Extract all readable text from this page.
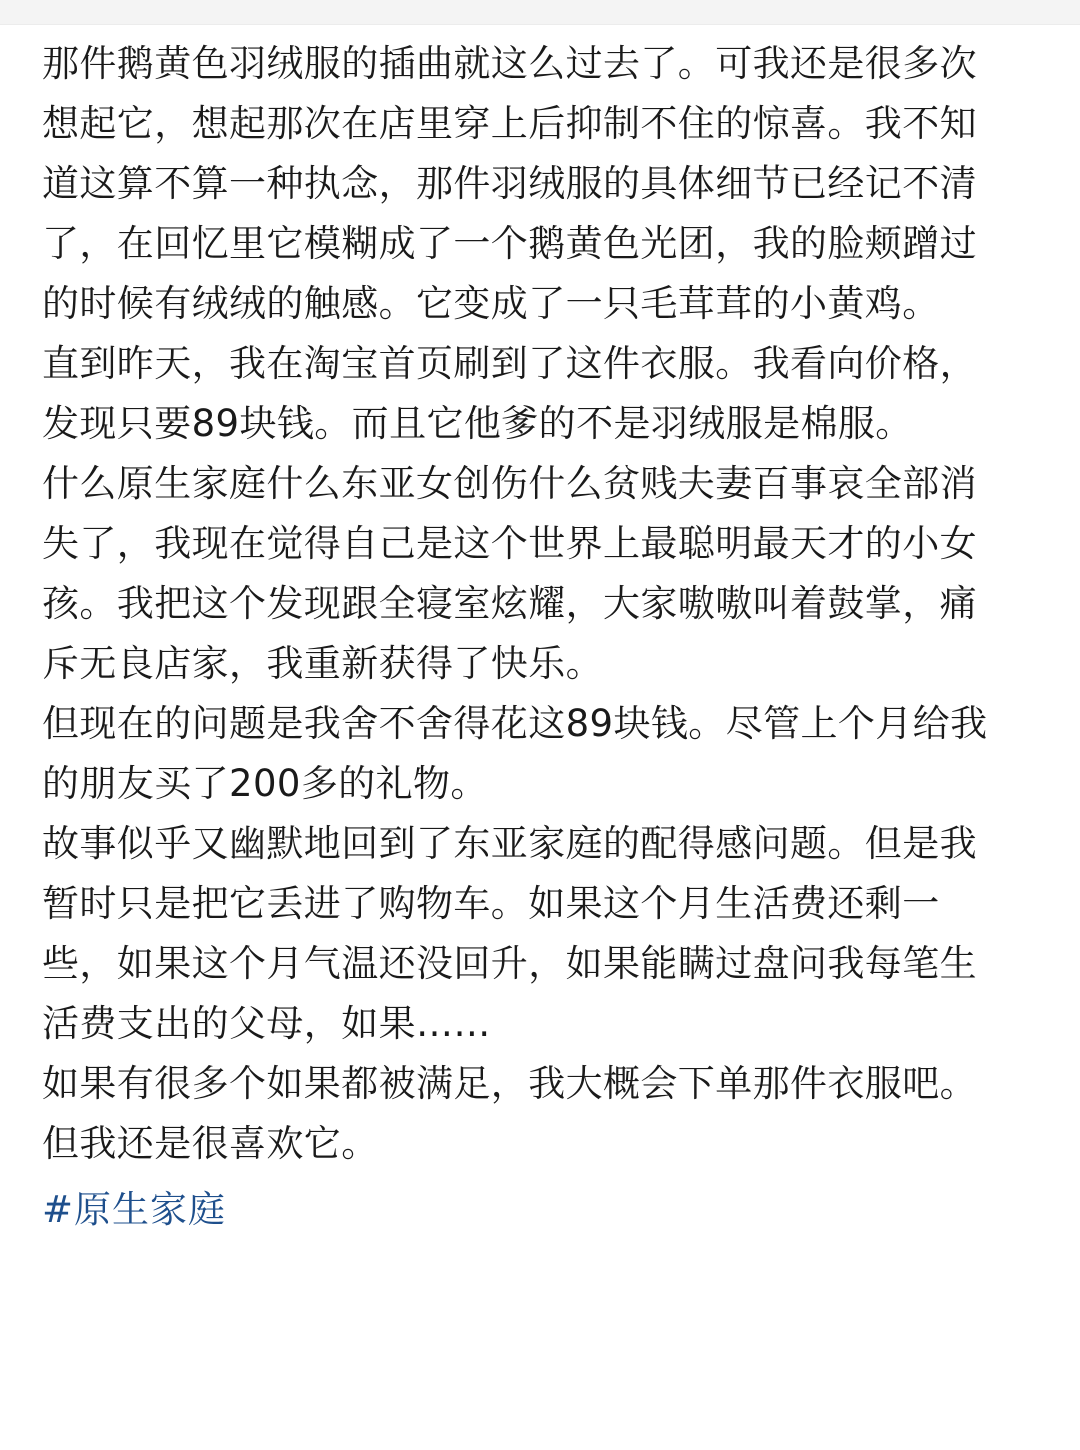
那件鹅黄色羽绒服的插曲就这么过去了。可我还是很多次想起它，想起那次在店里穿上后抑制不住的惊喜。我不知道这算不算一种执念，那件羽绒服的具体细节已经记不清了，在回忆里它模糊成了一个鹅黄色光团，我的脸颊蹭过的时候有绒绒的触感。它变成了一只毛茸茸的小黄鸡。

直到昨天，我在淘宝首页刷到了这件衣服。我看向价格，发现只要89块钱。而且它他爹的不是羽绒服是棉服。

什么原生家庭什么东亚女创伤什么贫贱夫妻百事哀全部消失了，我现在觉得自己是这个世界上最聪明最天才的小女孩。我把这个发现跟全寝室炫耀，大家嗷嗷叫着鼓掌，痛斥无良店家，我重新获得了快乐。

但现在的问题是我舍不舍得花这89块钱。尽管上个月给我的朋友买了200多的礼物。

故事似乎又幽默地回到了东亚家庭的配得感问题。但是我暂时只是把它丢进了购物车。如果这个月生活费还剩一些，如果这个月气温还没回升，如果能瞒过盘问我每笔生活费支出的父母，如果……

如果有很多个如果都被满足，我大概会下单那件衣服吧。

但我还是很喜欢它。

#原生家庭
